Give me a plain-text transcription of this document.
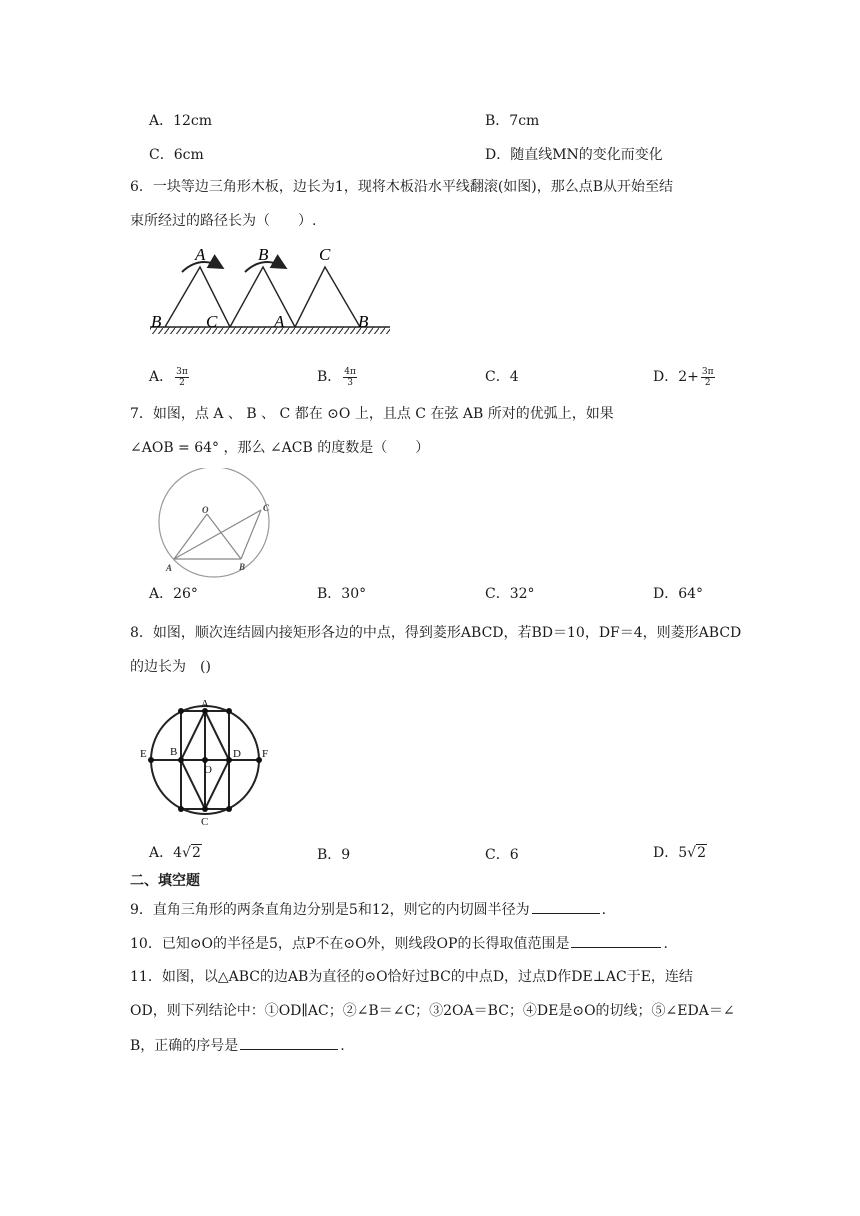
A．12cm	B．7cm
C．6cm	D．随直线MN的变化而变化
6．一块等边三角形木板，边长为1，现将木板沿水平线翻滚(如图)，那么点B从开始至结
束所经过的路径长为（　　）.
A	B	C
B	C	A	B
A． $\frac{3\pi}{2}$	B． $\frac{4\pi}{3}$	C．4	D．$2+ \frac{3\pi}{2}$
7．如图，点 A 、 B 、 C 都在 ⊙O 上，且点 C 在弦 AB 所对的优弧上，如果
∠AOB = 64° ，那么 ∠ACB 的度数是（　　）
O
A	B
C
A．26°	B．30°	C．32°	D．64°
8．如图，顺次连结圆内接矩形各边的中点，得到菱形ABCD，若BD＝10，DF＝4，则菱形ABCD
的边长为　()
A
B
C
D
E	F
O
A．4√2	B．9	C．6	D．5√2
二、填空题
9．直角三角形的两条直角边分别是5和12，则它的内切圆半径为	.
10．已知⊙O的半径是5，点P不在⊙O外，则线段OP的长得取值范围是	.
11．如图，以△ABC的边AB为直径的⊙O恰好过BC的中点D，过点D作DE⊥AC于E，连结
OD，则下列结论中：①OD∥AC；②∠B＝∠C；③2OA＝BC；④DE是⊙O的切线；⑤∠EDA＝∠
B，正确的序号是	.
